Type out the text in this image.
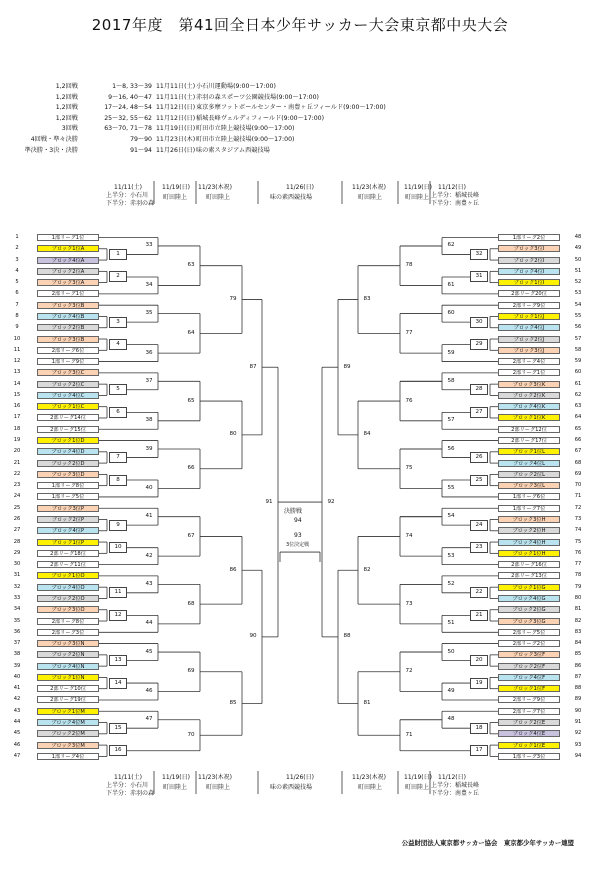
2017年度　第41回全日本少年サッカー大会東京都中央大会
1,2回戦	1～8, 33～39 11月11日(土) 小石川運動場(9:00～17:00)
1,2回戦	9～16, 40～47 11月11日(土) 赤羽の森スポーツ公園競技場(9:00～17:00)
1,2回戦	17～24, 48～54 11月12日(日) 東京多摩フットボールセンター・南豊ヶ丘フィールド(9:00～17:00)
1,2回戦	25～32, 55～62 11月12日(日) 稲城長峰ヴェルディフィールド(9:00～17:00)
3回戦	63～70, 71～78 11月19日(日) 町田市立陸上競技場(9:00～17:00)
4回戦・準々決勝	79～90 11月23日(木) 町田市立陸上競技場(9:00～17:00)
準決勝・3決・決勝	91～94 11月26日(日) 味の素スタジアム西競技場
11/11(土)
上半分：小石川
下半分：赤羽の森
11/19(日)
町田陸上
11/23(木祝)
町田陸上
11/26(日)
味の素西競技場
11/23(木祝)
町田陸上
11/19(日)
町田陸上
11/12(日)
上半分：稲城長峰
下半分：南豊ヶ丘
11/11(土)
上半分：小石川
下半分：赤羽の森
11/19(日)
町田陸上
11/23(木祝)
町田陸上
11/26(日)
味の素西競技場
11/23(木祝)
町田陸上
11/19(日)
町田陸上
11/12(日)
上半分：稲城長峰
下半分：南豊ヶ丘
1	1部リーグ1位
2	ブロック1位A
3	ブロック4位A
4	ブロック2位A
5	ブロック3位A
6	2部リーグ1位
7	ブロック3位B
8	ブロック4位B
9	ブロック2位B
10	ブロック3位B
11	2部リーグ6位
12	1部リーグ9位
13	ブロック3位C
14	ブロック2位C
15	ブロック4位C
16	ブロック1位C
17	2部リーグ14位
18	2部リーグ15位
19	ブロック1位D
20	ブロック4位D
21	ブロック2位D
22	ブロック3位D
23	1部リーグ8位
24	1部リーグ5位
25	ブロック3位P
26	ブロック2位P
27	ブロック4位P
28	ブロック1位P
29	2部リーグ18位
30	2部リーグ11位
31	ブロック1位O
32	ブロック4位O
33	ブロック2位O
34	ブロック3位O
35	2部リーグ8位
36	2部リーグ3位
37	ブロック3位N
38	ブロック2位N
39	ブロック4位N
40	ブロック1位N
41	2部リーグ10位
42	2部リーグ19位
43	ブロック1位M
44	ブロック4位M
45	ブロック2位M
46	ブロック3位M
47	1部リーグ4位
1部リーグ2位	48
ブロック3位I	49
ブロック2位I	50
ブロック4位I	51
ブロック1位I	52
2部リーグ20位	53
2部リーグ9位	54
ブロック1位J	55
ブロック4位J	56
ブロック2位J	57
ブロック3位J	58
2部リーグ4位	59
2部リーグ1位	60
ブロック3位K	61
ブロック2位K	62
ブロック4位K	63
ブロック1位K	64
2部リーグ12位	65
2部リーグ17位	66
ブロック1位L	67
ブロック4位L	68
ブロック2位L	69
ブロック3位L	70
1部リーグ6位	71
1部リーグ7位	72
ブロック3位H	73
ブロック2位H	74
ブロック4位H	75
ブロック1位H	76
2部リーグ16位	77
2部リーグ13位	78
ブロック1位G	79
ブロック4位G	80
ブロック2位G	81
ブロック3位G	82
2部リーグ5位	83
2部リーグ2位	84
ブロック3位F	85
ブロック2位F	86
ブロック4位F	87
ブロック1位F	88
2部リーグ9位	89
2部リーグ7位	90
ブロック2位E	91
ブロック4位E	92
ブロック1位E	93
1部リーグ3位	94
1
2
3
4
5
6
7
8
9
10
11
12
13
14
15
16
33
34
35
36
37
38
39
40
41
42
43
44
45
46
47
63
64
65
66
67
68
69
70
79
80
86
85
87
90
32
31
30
29
28
27
26
25
24
23
22
21
20
19
18
17
62
61
60
59
58
57
56
55
54
53
52
51
50
49
48
78
77
76
75
74
73
72
71
83
84
82
81
89
88
91	92
決勝戦
94
93
3位決定戦
公益財団法人東京都サッカー協会　東京都少年サッカー連盟
